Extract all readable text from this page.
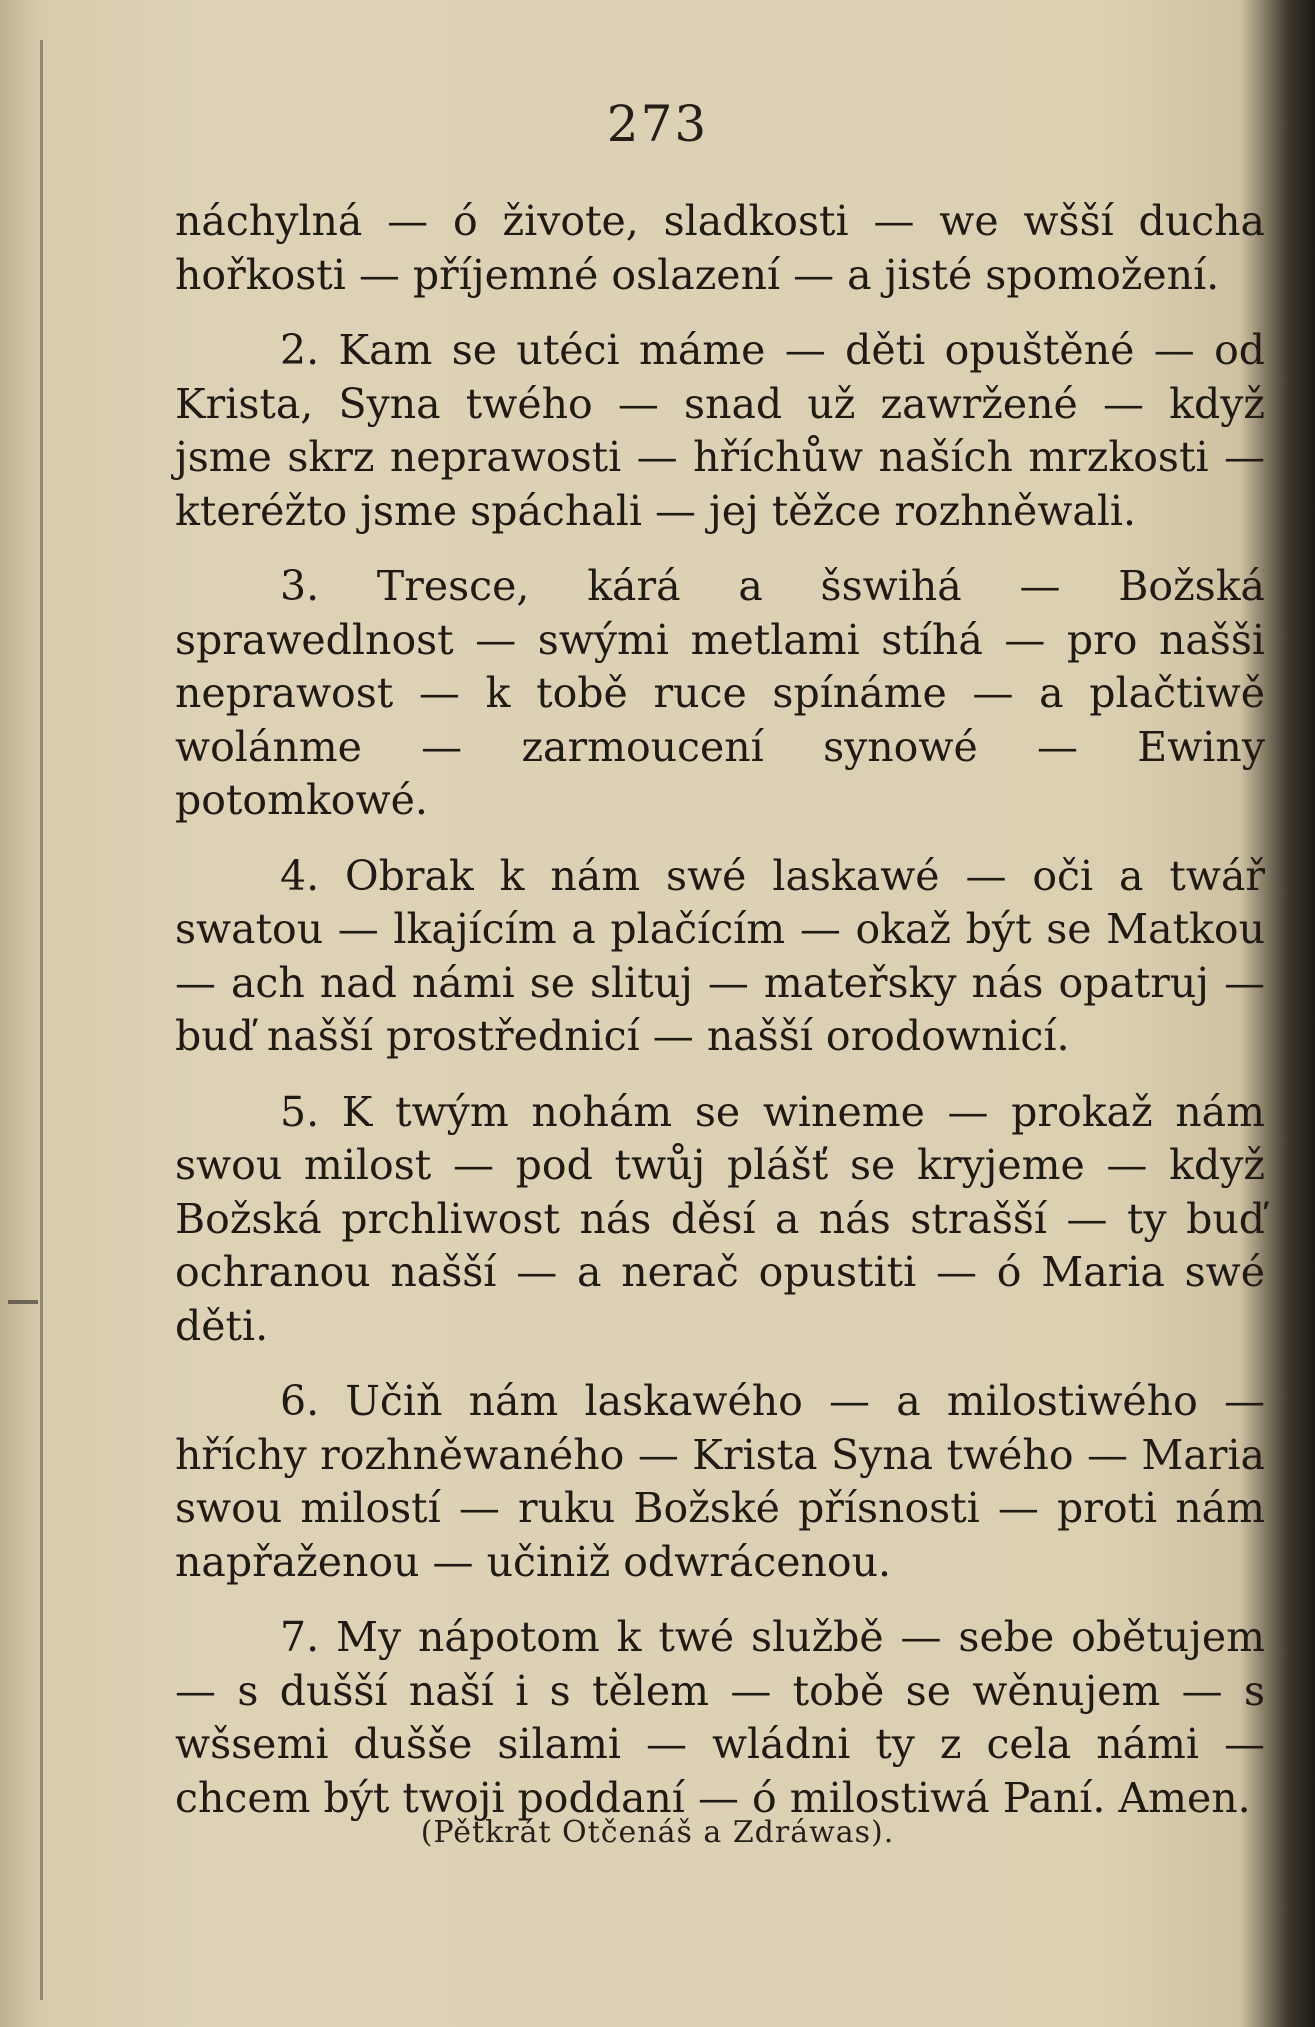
273

náchylná — ó živote, sladkosti — we wšší ducha hořkosti — příjemné oslazení — a jisté spomožení.

2. Kam se utéci máme — děti opuštěné — od Krista, Syna twého — snad už zawržené — když jsme skrz neprawosti — hříchůw naších mrzkosti — kteréžto jsme spáchali — jej těžce rozhněwali.

3. Tresce, kárá a šswihá — Božská sprawedlnost — swými metlami stíhá — pro našši neprawost — k tobě ruce spínáme — a plačtiwě wolánme — zarmoucení synowé — Ewiny potomkowé.

4. Obrak k nám swé laskawé — oči a twář swatou — lkajícím a plačícím — okaž být se Matkou — ach nad námi se slituj — mateřsky nás opatruj — buď našší prostřednicí — našší orodownicí.

5. K twým nohám se wineme — prokaž nám swou milost — pod twůj plášť se kryjeme — když Božská prchliwost nás děsí a nás strašší — ty buď ochranou našší — a nerač opustiti — ó Maria swé děti.

6. Učiň nám laskawého — a milostiwého — hříchy rozhněwaného — Krista Syna twého — Maria swou milostí — ruku Božské přísnosti — proti nám napřaženou — učiniž odwrácenou.

7. My nápotom k twé službě — sebe obětujem — s dušší naší i s tělem — tobě se wěnujem — s wšsemi dušše silami — wládni ty z cela námi — chcem být twoji poddaní — ó milostiwá Paní. Amen.

(Pětkrát Otčenáš a Zdráwas).
